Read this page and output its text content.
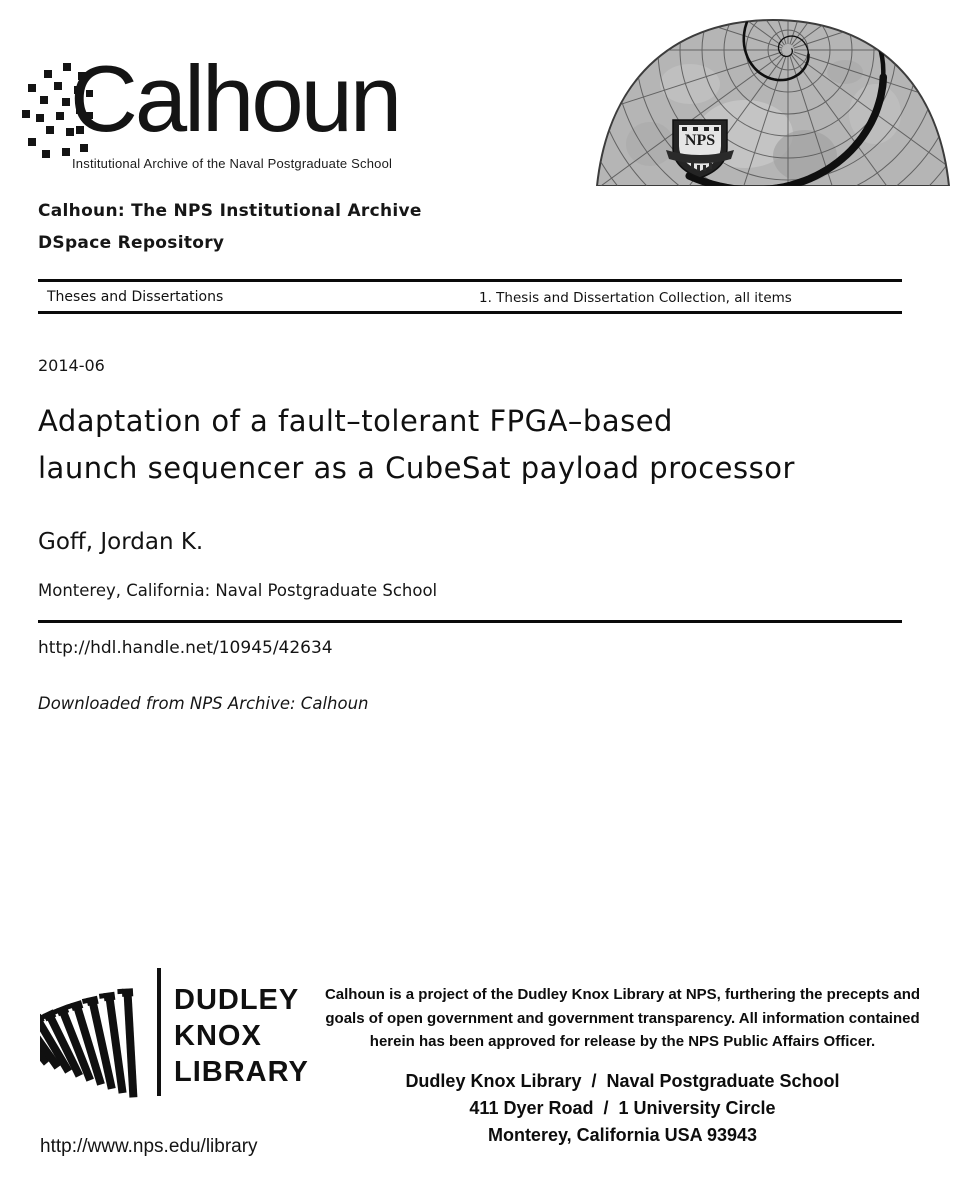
Calhoun
Institutional Archive of the Naval Postgraduate School
NPS
Calhoun: The NPS Institutional Archive
DSpace Repository
Theses and Dissertations	1. Thesis and Dissertation Collection, all items
2014-06
Adaptation of a fault–tolerant FPGA–based
launch sequencer as a CubeSat payload processor
Goff, Jordan K.
Monterey, California: Naval Postgraduate School
http://hdl.handle.net/10945/42634
Downloaded from NPS Archive: Calhoun
DUDLEY
KNOX
LIBRARY
Calhoun is a project of the Dudley Knox Library at NPS, furthering the precepts and
goals of open government and government transparency. All information contained
herein has been approved for release by the NPS Public Affairs Officer.
Dudley Knox Library  /  Naval Postgraduate School
411 Dyer Road  /  1 University Circle
Monterey, California USA 93943
http://www.nps.edu/library
